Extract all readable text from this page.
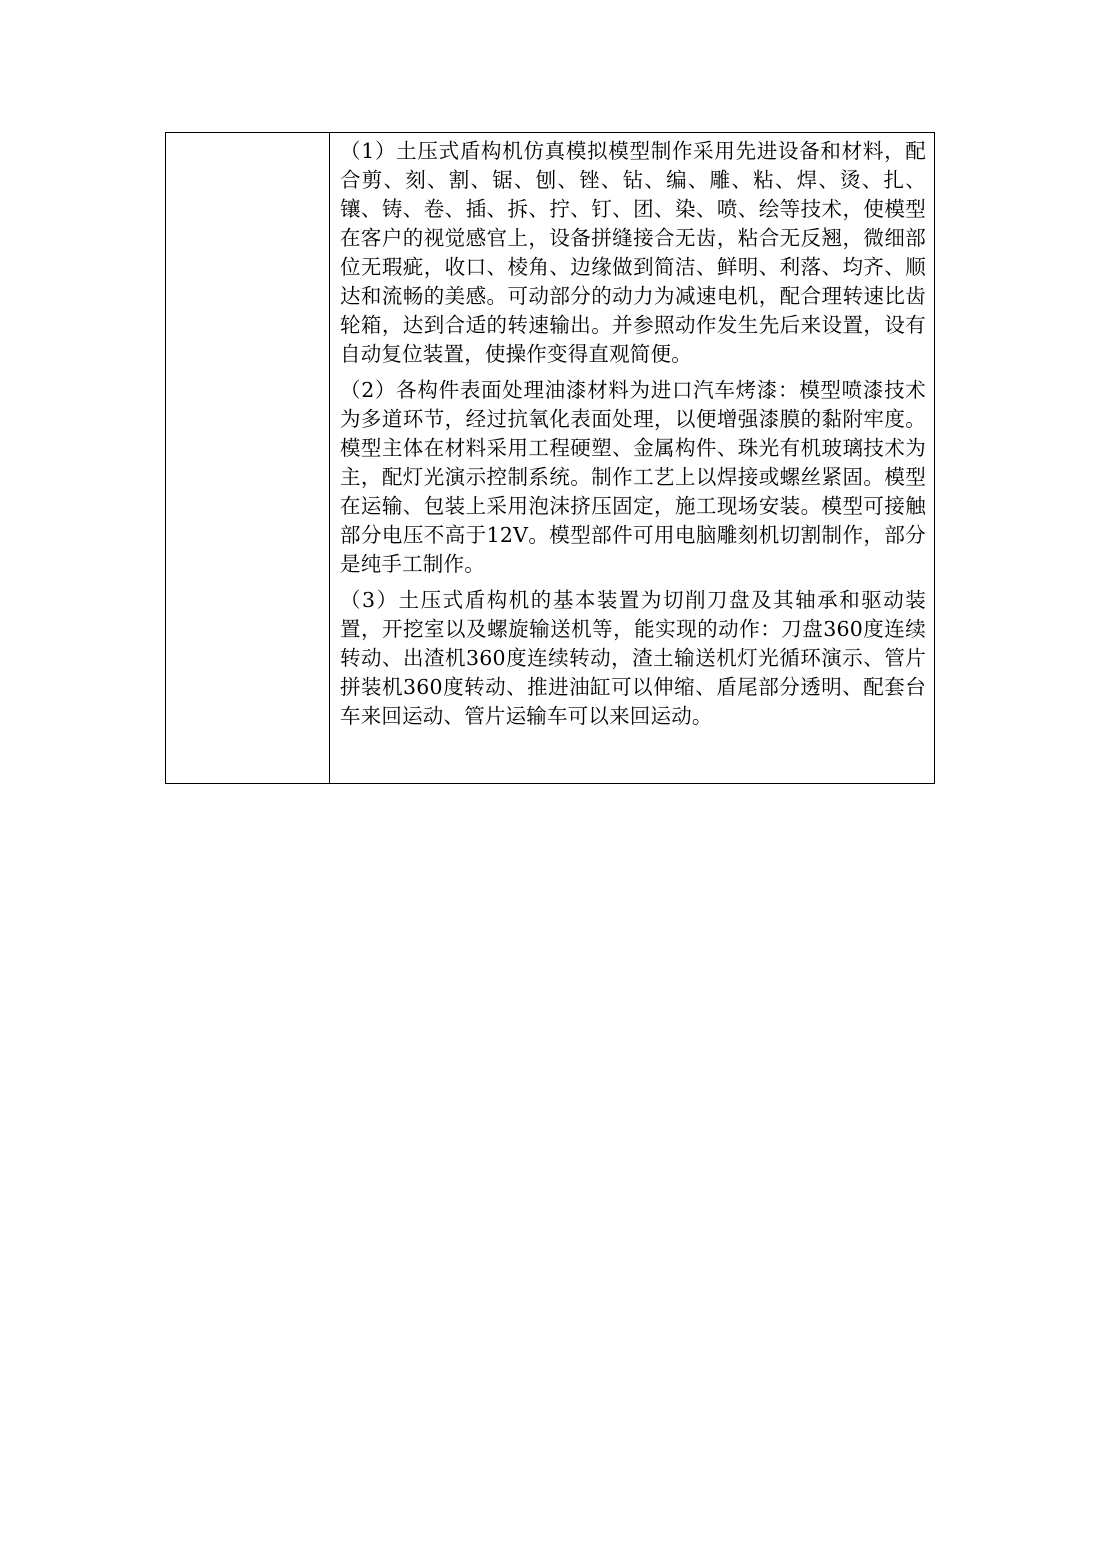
（1）土压式盾构机仿真模拟模型制作采用先进设备和材料，配合剪、刻、割、锯、刨、锉、钻、编、雕、粘、焊、烫、扎、镶、铸、卷、插、拆、拧、钉、团、染、喷、绘等技术，使模型在客户的视觉感官上，设备拼缝接合无齿，粘合无反翘，微细部位无瑕疵，收口、棱角、边缘做到简洁、鲜明、利落、均齐、顺达和流畅的美感。可动部分的动力为减速电机，配合理转速比齿轮箱，达到合适的转速输出。并参照动作发生先后来设置，设有自动复位装置，使操作变得直观简便。

（2）各构件表面处理油漆材料为进口汽车烤漆：模型喷漆技术为多道环节，经过抗氧化表面处理，以便增强漆膜的黏附牢度。模型主体在材料采用工程硬塑、金属构件、珠光有机玻璃技术为主，配灯光演示控制系统。制作工艺上以焊接或螺丝紧固。模型在运输、包装上采用泡沫挤压固定，施工现场安装。模型可接触部分电压不高于12V。模型部件可用电脑雕刻机切割制作，部分是纯手工制作。

（3）土压式盾构机的基本装置为切削刀盘及其轴承和驱动装置，开挖室以及螺旋输送机等，能实现的动作：刀盘360度连续转动、出渣机360度连续转动，渣土输送机灯光循环演示、管片拼装机360度转动、推进油缸可以伸缩、盾尾部分透明、配套台车来回运动、管片运输车可以来回运动。
